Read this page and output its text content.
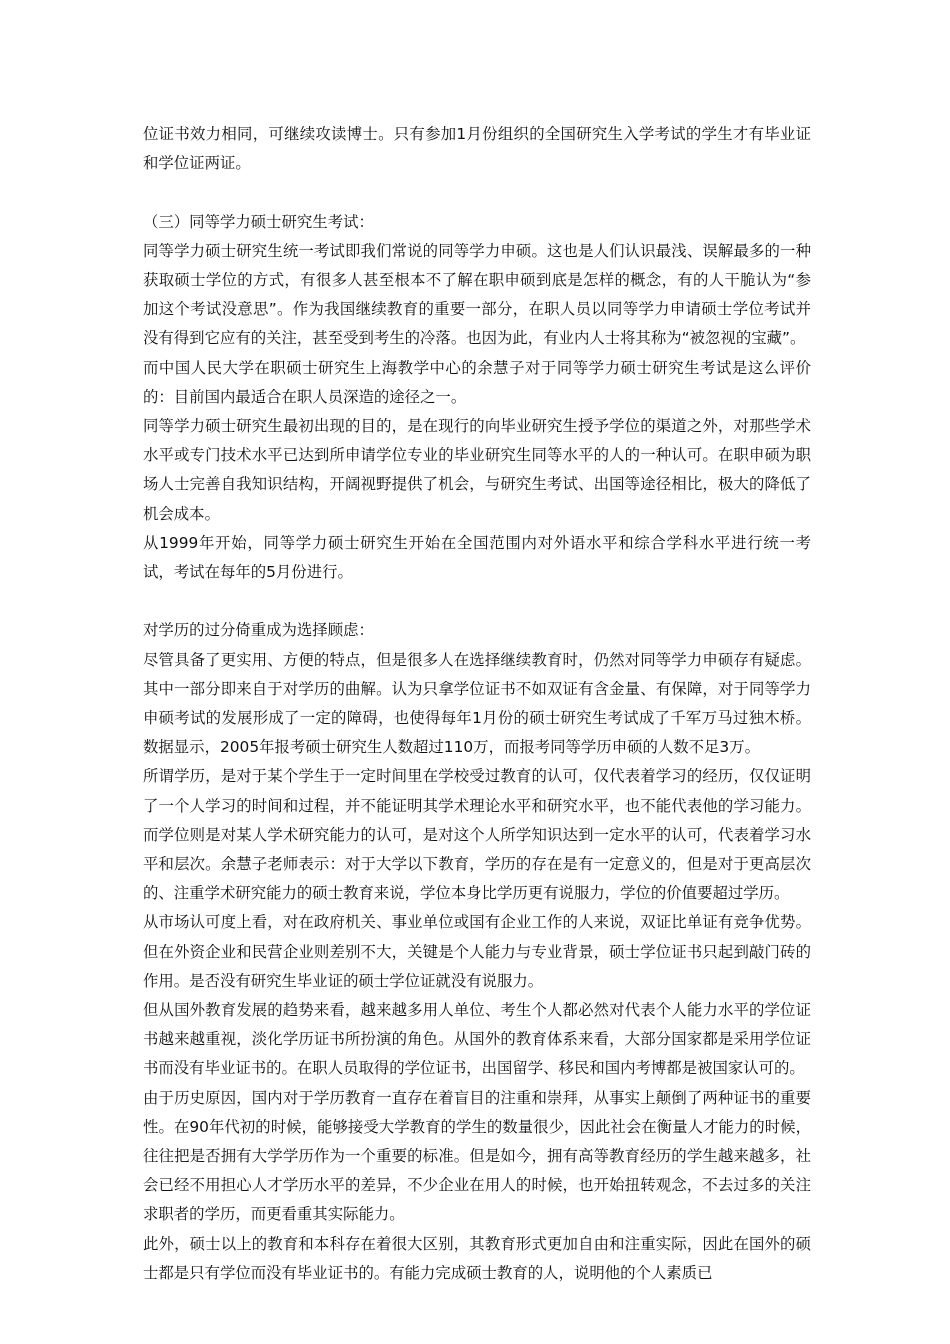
位证书效力相同，可继续攻读博士。只有参加1月份组织的全国研究生入学考试的学生才有毕业证和学位证两证。

（三）同等学力硕士研究生考试：

同等学力硕士研究生统一考试即我们常说的同等学力申硕。这也是人们认识最浅、误解最多的一种获取硕士学位的方式，有很多人甚至根本不了解在职申硕到底是怎样的概念，有的人干脆认为“参加这个考试没意思”。作为我国继续教育的重要一部分，在职人员以同等学力申请硕士学位考试并没有得到它应有的关注，甚至受到考生的冷落。也因为此，有业内人士将其称为“被忽视的宝藏”。

而中国人民大学在职硕士研究生上海教学中心的余慧子对于同等学力硕士研究生考试是这么评价的：目前国内最适合在职人员深造的途径之一。

同等学力硕士研究生最初出现的目的，是在现行的向毕业研究生授予学位的渠道之外，对那些学术水平或专门技术水平已达到所申请学位专业的毕业研究生同等水平的人的一种认可。在职申硕为职场人士完善自我知识结构，开阔视野提供了机会，与研究生考试、出国等途径相比，极大的降低了机会成本。

从1999年开始，同等学力硕士研究生开始在全国范围内对外语水平和综合学科水平进行统一考试，考试在每年的5月份进行。

对学历的过分倚重成为选择顾虑：

尽管具备了更实用、方便的特点，但是很多人在选择继续教育时，仍然对同等学力申硕存有疑虑。其中一部分即来自于对学历的曲解。认为只拿学位证书不如双证有含金量、有保障，对于同等学力申硕考试的发展形成了一定的障碍，也使得每年1月份的硕士研究生考试成了千军万马过独木桥。数据显示，2005年报考硕士研究生人数超过110万，而报考同等学历申硕的人数不足3万。

所谓学历，是对于某个学生于一定时间里在学校受过教育的认可，仅代表着学习的经历，仅仅证明了一个人学习的时间和过程，并不能证明其学术理论水平和研究水平，也不能代表他的学习能力。而学位则是对某人学术研究能力的认可，是对这个人所学知识达到一定水平的认可，代表着学习水平和层次。余慧子老师表示：对于大学以下教育，学历的存在是有一定意义的，但是对于更高层次的、注重学术研究能力的硕士教育来说，学位本身比学历更有说服力，学位的价值要超过学历。

从市场认可度上看，对在政府机关、事业单位或国有企业工作的人来说，双证比单证有竞争优势。但在外资企业和民营企业则差别不大，关键是个人能力与专业背景，硕士学位证书只起到敲门砖的作用。是否没有研究生毕业证的硕士学位证就没有说服力。

但从国外教育发展的趋势来看，越来越多用人单位、考生个人都必然对代表个人能力水平的学位证书越来越重视，淡化学历证书所扮演的角色。从国外的教育体系来看，大部分国家都是采用学位证书而没有毕业证书的。在职人员取得的学位证书，出国留学、移民和国内考博都是被国家认可的。

由于历史原因，国内对于学历教育一直存在着盲目的注重和崇拜，从事实上颠倒了两种证书的重要性。在90年代初的时候，能够接受大学教育的学生的数量很少，因此社会在衡量人才能力的时候，往往把是否拥有大学学历作为一个重要的标准。但是如今，拥有高等教育经历的学生越来越多，社会已经不用担心人才学历水平的差异，不少企业在用人的时候，也开始扭转观念，不去过多的关注求职者的学历，而更看重其实际能力。

此外，硕士以上的教育和本科存在着很大区别，其教育形式更加自由和注重实际，因此在国外的硕士都是只有学位而没有毕业证书的。有能力完成硕士教育的人，说明他的个人素质已
